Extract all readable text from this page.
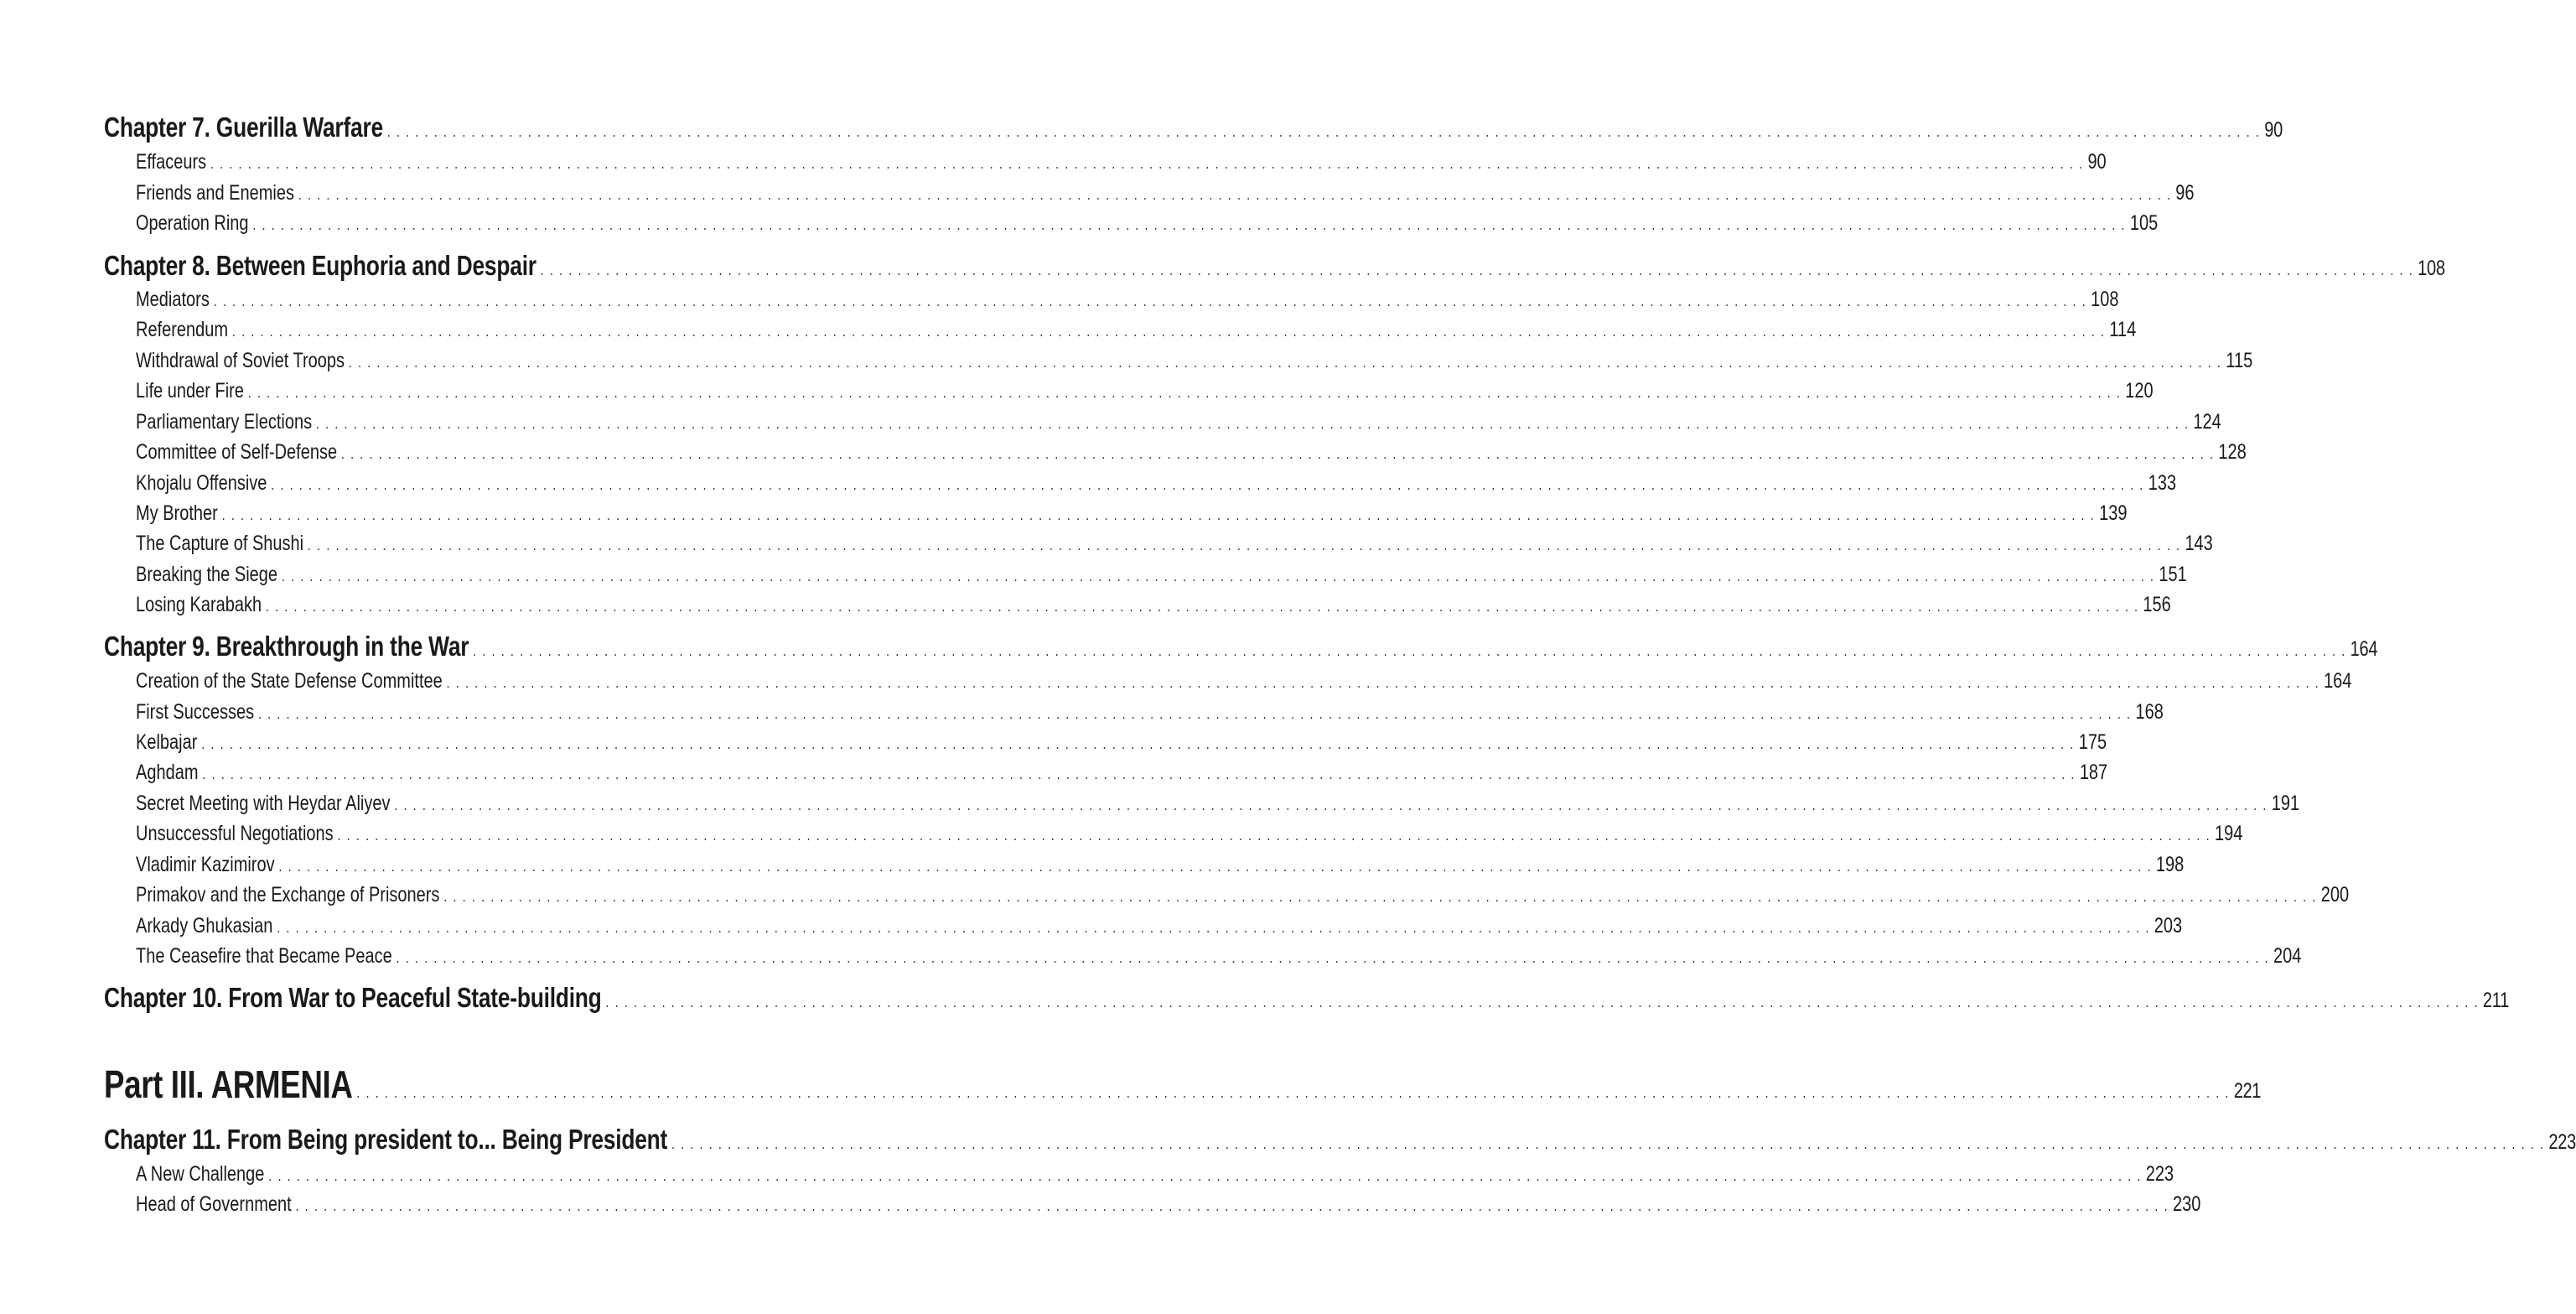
Chapter 7. Guerilla Warfare . . . . . . . . . . . . . . . . . . . . . . . . . . . . . . . . . . . . . . . . . . . . . . . . . . . . . . . . . . . . . . . . . . . . . . . . . . . . . . . . . . . . . . . . . . . . . . . . . . . . . . . . . . . . . . . . . . . . . . . . . . . . . . . . . . . . . . . . . . . . . . . . . . . . . . . . . . . . . . . . . . . . . . . . . . . . . . . . . . . . . . . . . . . . . . . . . . . . . . . . 90
Effaceurs . . . . . . . . . . . . . . . . . . . . . . . . . . . . . . . . . . . . . . . . . . . . . . . . . . . . . . . . . . . . . . . . . . . . . . . . . . . . . . . . . . . . . . . . . . . . . . . . . . . . . . . . . . . . . . . . . . . . . . . . . . . . . . . . . . . . . . . . . . . . . . . . . . . . . . . . . . . . . . . . . . . . . . . . . . . . . . . . . . . . . . . . . . . . . . . . . . . . . . . . 90
Friends and Enemies . . . . . . . . . . . . . . . . . . . . . . . . . . . . . . . . . . . . . . . . . . . . . . . . . . . . . . . . . . . . . . . . . . . . . . . . . . . . . . . . . . . . . . . . . . . . . . . . . . . . . . . . . . . . . . . . . . . . . . . . . . . . . . . . . . . . . . . . . . . . . . . . . . . . . . . . . . . . . . . . . . . . . . . . . . . . . . . . . . . . . . . . . . . . . . . . . . . . . . . . 96
Operation Ring . . . . . . . . . . . . . . . . . . . . . . . . . . . . . . . . . . . . . . . . . . . . . . . . . . . . . . . . . . . . . . . . . . . . . . . . . . . . . . . . . . . . . . . . . . . . . . . . . . . . . . . . . . . . . . . . . . . . . . . . . . . . . . . . . . . . . . . . . . . . . . . . . . . . . . . . . . . . . . . . . . . . . . . . . . . . . . . . . . . . . . . . . . . . . . . . . . . . . . . . 105
Chapter 8. Between Euphoria and Despair . . . . . . . . . . . . . . . . . . . . . . . . . . . . . . . . . . . . . . . . . . . . . . . . . . . . . . . . . . . . . . . . . . . . . . . . . . . . . . . . . . . . . . . . . . . . . . . . . . . . . . . . . . . . . . . . . . . . . . . . . . . . . . . . . . . . . . . . . . . . . . . . . . . . . . . . . . . . . . . . . . . . . . . . . . . . . . . . . . . . . . . . . . . . . . . . . . . . . . . . 108
Mediators . . . . . . . . . . . . . . . . . . . . . . . . . . . . . . . . . . . . . . . . . . . . . . . . . . . . . . . . . . . . . . . . . . . . . . . . . . . . . . . . . . . . . . . . . . . . . . . . . . . . . . . . . . . . . . . . . . . . . . . . . . . . . . . . . . . . . . . . . . . . . . . . . . . . . . . . . . . . . . . . . . . . . . . . . . . . . . . . . . . . . . . . . . . . . . . . . . . . . . . . 108
Referendum . . . . . . . . . . . . . . . . . . . . . . . . . . . . . . . . . . . . . . . . . . . . . . . . . . . . . . . . . . . . . . . . . . . . . . . . . . . . . . . . . . . . . . . . . . . . . . . . . . . . . . . . . . . . . . . . . . . . . . . . . . . . . . . . . . . . . . . . . . . . . . . . . . . . . . . . . . . . . . . . . . . . . . . . . . . . . . . . . . . . . . . . . . . . . . . . . . . . . . . . 114
Withdrawal of Soviet Troops . . . . . . . . . . . . . . . . . . . . . . . . . . . . . . . . . . . . . . . . . . . . . . . . . . . . . . . . . . . . . . . . . . . . . . . . . . . . . . . . . . . . . . . . . . . . . . . . . . . . . . . . . . . . . . . . . . . . . . . . . . . . . . . . . . . . . . . . . . . . . . . . . . . . . . . . . . . . . . . . . . . . . . . . . . . . . . . . . . . . . . . . . . . . . . . . . . . . . . . . 115
Life under Fire . . . . . . . . . . . . . . . . . . . . . . . . . . . . . . . . . . . . . . . . . . . . . . . . . . . . . . . . . . . . . . . . . . . . . . . . . . . . . . . . . . . . . . . . . . . . . . . . . . . . . . . . . . . . . . . . . . . . . . . . . . . . . . . . . . . . . . . . . . . . . . . . . . . . . . . . . . . . . . . . . . . . . . . . . . . . . . . . . . . . . . . . . . . . . . . . . . . . . . . . 120
Parliamentary Elections . . . . . . . . . . . . . . . . . . . . . . . . . . . . . . . . . . . . . . . . . . . . . . . . . . . . . . . . . . . . . . . . . . . . . . . . . . . . . . . . . . . . . . . . . . . . . . . . . . . . . . . . . . . . . . . . . . . . . . . . . . . . . . . . . . . . . . . . . . . . . . . . . . . . . . . . . . . . . . . . . . . . . . . . . . . . . . . . . . . . . . . . . . . . . . . . . . . . . . . . 124
Committee of Self-Defense . . . . . . . . . . . . . . . . . . . . . . . . . . . . . . . . . . . . . . . . . . . . . . . . . . . . . . . . . . . . . . . . . . . . . . . . . . . . . . . . . . . . . . . . . . . . . . . . . . . . . . . . . . . . . . . . . . . . . . . . . . . . . . . . . . . . . . . . . . . . . . . . . . . . . . . . . . . . . . . . . . . . . . . . . . . . . . . . . . . . . . . . . . . . . . . . . . . . . . . . 128
Khojalu Offensive . . . . . . . . . . . . . . . . . . . . . . . . . . . . . . . . . . . . . . . . . . . . . . . . . . . . . . . . . . . . . . . . . . . . . . . . . . . . . . . . . . . . . . . . . . . . . . . . . . . . . . . . . . . . . . . . . . . . . . . . . . . . . . . . . . . . . . . . . . . . . . . . . . . . . . . . . . . . . . . . . . . . . . . . . . . . . . . . . . . . . . . . . . . . . . . . . . . . . . . . 133
My Brother . . . . . . . . . . . . . . . . . . . . . . . . . . . . . . . . . . . . . . . . . . . . . . . . . . . . . . . . . . . . . . . . . . . . . . . . . . . . . . . . . . . . . . . . . . . . . . . . . . . . . . . . . . . . . . . . . . . . . . . . . . . . . . . . . . . . . . . . . . . . . . . . . . . . . . . . . . . . . . . . . . . . . . . . . . . . . . . . . . . . . . . . . . . . . . . . . . . . . . . . 139
The Capture of Shushi . . . . . . . . . . . . . . . . . . . . . . . . . . . . . . . . . . . . . . . . . . . . . . . . . . . . . . . . . . . . . . . . . . . . . . . . . . . . . . . . . . . . . . . . . . . . . . . . . . . . . . . . . . . . . . . . . . . . . . . . . . . . . . . . . . . . . . . . . . . . . . . . . . . . . . . . . . . . . . . . . . . . . . . . . . . . . . . . . . . . . . . . . . . . . . . . . . . . . . . . 143
Breaking the Siege . . . . . . . . . . . . . . . . . . . . . . . . . . . . . . . . . . . . . . . . . . . . . . . . . . . . . . . . . . . . . . . . . . . . . . . . . . . . . . . . . . . . . . . . . . . . . . . . . . . . . . . . . . . . . . . . . . . . . . . . . . . . . . . . . . . . . . . . . . . . . . . . . . . . . . . . . . . . . . . . . . . . . . . . . . . . . . . . . . . . . . . . . . . . . . . . . . . . . . . . 151
Losing Karabakh . . . . . . . . . . . . . . . . . . . . . . . . . . . . . . . . . . . . . . . . . . . . . . . . . . . . . . . . . . . . . . . . . . . . . . . . . . . . . . . . . . . . . . . . . . . . . . . . . . . . . . . . . . . . . . . . . . . . . . . . . . . . . . . . . . . . . . . . . . . . . . . . . . . . . . . . . . . . . . . . . . . . . . . . . . . . . . . . . . . . . . . . . . . . . . . . . . . . . . . . 156
Chapter 9. Breakthrough in the War . . . . . . . . . . . . . . . . . . . . . . . . . . . . . . . . . . . . . . . . . . . . . . . . . . . . . . . . . . . . . . . . . . . . . . . . . . . . . . . . . . . . . . . . . . . . . . . . . . . . . . . . . . . . . . . . . . . . . . . . . . . . . . . . . . . . . . . . . . . . . . . . . . . . . . . . . . . . . . . . . . . . . . . . . . . . . . . . . . . . . . . . . . . . . . . . . . . . . . . . 164
Creation of the State Defense Committee . . . . . . . . . . . . . . . . . . . . . . . . . . . . . . . . . . . . . . . . . . . . . . . . . . . . . . . . . . . . . . . . . . . . . . . . . . . . . . . . . . . . . . . . . . . . . . . . . . . . . . . . . . . . . . . . . . . . . . . . . . . . . . . . . . . . . . . . . . . . . . . . . . . . . . . . . . . . . . . . . . . . . . . . . . . . . . . . . . . . . . . . . . . . . . . . . . . . . . . . 164
First Successes . . . . . . . . . . . . . . . . . . . . . . . . . . . . . . . . . . . . . . . . . . . . . . . . . . . . . . . . . . . . . . . . . . . . . . . . . . . . . . . . . . . . . . . . . . . . . . . . . . . . . . . . . . . . . . . . . . . . . . . . . . . . . . . . . . . . . . . . . . . . . . . . . . . . . . . . . . . . . . . . . . . . . . . . . . . . . . . . . . . . . . . . . . . . . . . . . . . . . . . . 168
Kelbajar . . . . . . . . . . . . . . . . . . . . . . . . . . . . . . . . . . . . . . . . . . . . . . . . . . . . . . . . . . . . . . . . . . . . . . . . . . . . . . . . . . . . . . . . . . . . . . . . . . . . . . . . . . . . . . . . . . . . . . . . . . . . . . . . . . . . . . . . . . . . . . . . . . . . . . . . . . . . . . . . . . . . . . . . . . . . . . . . . . . . . . . . . . . . . . . . . . . . . . . . 175
Aghdam . . . . . . . . . . . . . . . . . . . . . . . . . . . . . . . . . . . . . . . . . . . . . . . . . . . . . . . . . . . . . . . . . . . . . . . . . . . . . . . . . . . . . . . . . . . . . . . . . . . . . . . . . . . . . . . . . . . . . . . . . . . . . . . . . . . . . . . . . . . . . . . . . . . . . . . . . . . . . . . . . . . . . . . . . . . . . . . . . . . . . . . . . . . . . . . . . . . . . . . . 187
Secret Meeting with Heydar Aliyev . . . . . . . . . . . . . . . . . . . . . . . . . . . . . . . . . . . . . . . . . . . . . . . . . . . . . . . . . . . . . . . . . . . . . . . . . . . . . . . . . . . . . . . . . . . . . . . . . . . . . . . . . . . . . . . . . . . . . . . . . . . . . . . . . . . . . . . . . . . . . . . . . . . . . . . . . . . . . . . . . . . . . . . . . . . . . . . . . . . . . . . . . . . . . . . . . . . . . . . . 191
Unsuccessful Negotiations . . . . . . . . . . . . . . . . . . . . . . . . . . . . . . . . . . . . . . . . . . . . . . . . . . . . . . . . . . . . . . . . . . . . . . . . . . . . . . . . . . . . . . . . . . . . . . . . . . . . . . . . . . . . . . . . . . . . . . . . . . . . . . . . . . . . . . . . . . . . . . . . . . . . . . . . . . . . . . . . . . . . . . . . . . . . . . . . . . . . . . . . . . . . . . . . . . . . . . . . 194
Vladimir Kazimirov . . . . . . . . . . . . . . . . . . . . . . . . . . . . . . . . . . . . . . . . . . . . . . . . . . . . . . . . . . . . . . . . . . . . . . . . . . . . . . . . . . . . . . . . . . . . . . . . . . . . . . . . . . . . . . . . . . . . . . . . . . . . . . . . . . . . . . . . . . . . . . . . . . . . . . . . . . . . . . . . . . . . . . . . . . . . . . . . . . . . . . . . . . . . . . . . . . . . . . . . 198
Primakov and the Exchange of Prisoners . . . . . . . . . . . . . . . . . . . . . . . . . . . . . . . . . . . . . . . . . . . . . . . . . . . . . . . . . . . . . . . . . . . . . . . . . . . . . . . . . . . . . . . . . . . . . . . . . . . . . . . . . . . . . . . . . . . . . . . . . . . . . . . . . . . . . . . . . . . . . . . . . . . . . . . . . . . . . . . . . . . . . . . . . . . . . . . . . . . . . . . . . . . . . . . . . . . . . . . . 200
Arkady Ghukasian . . . . . . . . . . . . . . . . . . . . . . . . . . . . . . . . . . . . . . . . . . . . . . . . . . . . . . . . . . . . . . . . . . . . . . . . . . . . . . . . . . . . . . . . . . . . . . . . . . . . . . . . . . . . . . . . . . . . . . . . . . . . . . . . . . . . . . . . . . . . . . . . . . . . . . . . . . . . . . . . . . . . . . . . . . . . . . . . . . . . . . . . . . . . . . . . . . . . . . . . 203
The Ceasefire that Became Peace . . . . . . . . . . . . . . . . . . . . . . . . . . . . . . . . . . . . . . . . . . . . . . . . . . . . . . . . . . . . . . . . . . . . . . . . . . . . . . . . . . . . . . . . . . . . . . . . . . . . . . . . . . . . . . . . . . . . . . . . . . . . . . . . . . . . . . . . . . . . . . . . . . . . . . . . . . . . . . . . . . . . . . . . . . . . . . . . . . . . . . . . . . . . . . . . . . . . . . . . 204
Chapter 10. From War to Peaceful State-building . . . . . . . . . . . . . . . . . . . . . . . . . . . . . . . . . . . . . . . . . . . . . . . . . . . . . . . . . . . . . . . . . . . . . . . . . . . . . . . . . . . . . . . . . . . . . . . . . . . . . . . . . . . . . . . . . . . . . . . . . . . . . . . . . . . . . . . . . . . . . . . . . . . . . . . . . . . . . . . . . . . . . . . . . . . . . . . . . . . . . . . . . . . . . . . . . . . . . . . . 211
Part III. ARMENIA . . . . . . . . . . . . . . . . . . . . . . . . . . . . . . . . . . . . . . . . . . . . . . . . . . . . . . . . . . . . . . . . . . . . . . . . . . . . . . . . . . . . . . . . . . . . . . . . . . . . . . . . . . . . . . . . . . . . . . . . . . . . . . . . . . . . . . . . . . . . . . . . . . . . . . . . . . . . . . . . . . . . . . . . . . . . . . . . . . . . . . . . . . . . . . . . . . . . . . . . 221
Chapter 11. From Being president to... Being President . . . . . . . . . . . . . . . . . . . . . . . . . . . . . . . . . . . . . . . . . . . . . . . . . . . . . . . . . . . . . . . . . . . . . . . . . . . . . . . . . . . . . . . . . . . . . . . . . . . . . . . . . . . . . . . . . . . . . . . . . . . . . . . . . . . . . . . . . . . . . . . . . . . . . . . . . . . . . . . . . . . . . . . . . . . . . . . . . . . . . . . . . . . . . . . . . . . . . . . . 223
A New Challenge . . . . . . . . . . . . . . . . . . . . . . . . . . . . . . . . . . . . . . . . . . . . . . . . . . . . . . . . . . . . . . . . . . . . . . . . . . . . . . . . . . . . . . . . . . . . . . . . . . . . . . . . . . . . . . . . . . . . . . . . . . . . . . . . . . . . . . . . . . . . . . . . . . . . . . . . . . . . . . . . . . . . . . . . . . . . . . . . . . . . . . . . . . . . . . . . . . . . . . . . 223
Head of Government . . . . . . . . . . . . . . . . . . . . . . . . . . . . . . . . . . . . . . . . . . . . . . . . . . . . . . . . . . . . . . . . . . . . . . . . . . . . . . . . . . . . . . . . . . . . . . . . . . . . . . . . . . . . . . . . . . . . . . . . . . . . . . . . . . . . . . . . . . . . . . . . . . . . . . . . . . . . . . . . . . . . . . . . . . . . . . . . . . . . . . . . . . . . . . . . . . . . . . . . 230
